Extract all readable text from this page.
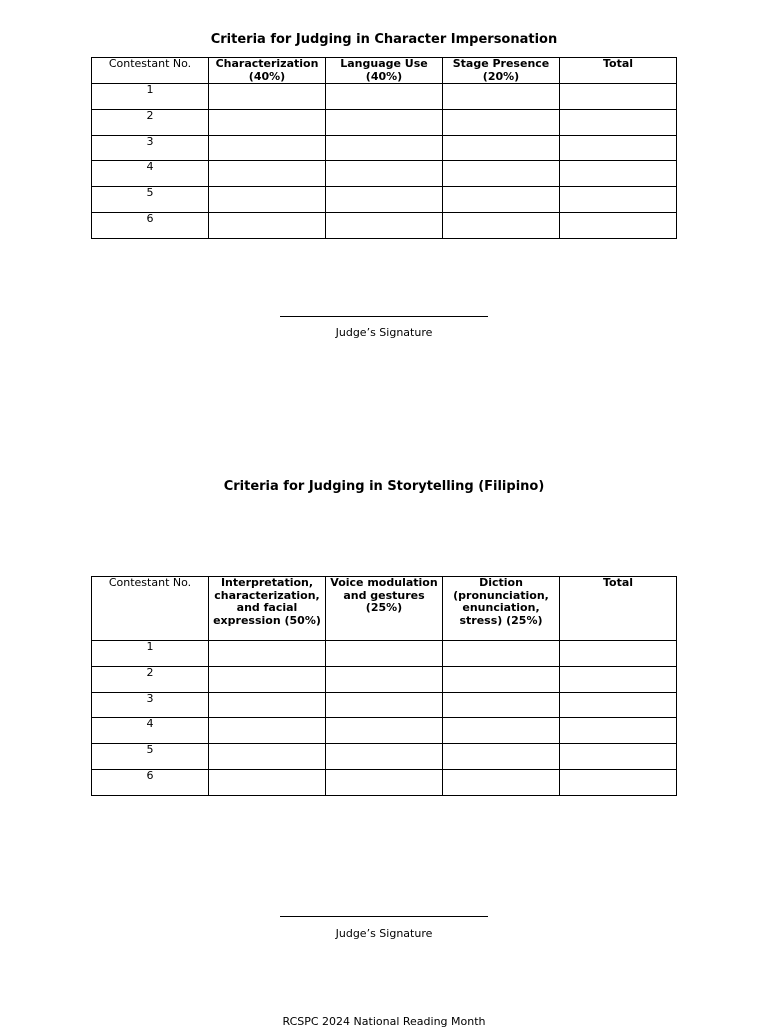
Criteria for Judging in Character Impersonation
Contestant No.	Characterization (40%)	Language Use (40%)	Stage Presence (20%)	Total
1				
2				
3				
4				
5				
6				
Judge’s Signature
Criteria for Judging in Storytelling (Filipino)
Contestant No.	Interpretation, characterization, and facial expression (50%)	Voice modulation and gestures (25%)	Diction (pronunciation, enunciation, stress) (25%)	Total
1				
2				
3				
4				
5				
6				
Judge’s Signature
RCSPC 2024 National Reading Month
